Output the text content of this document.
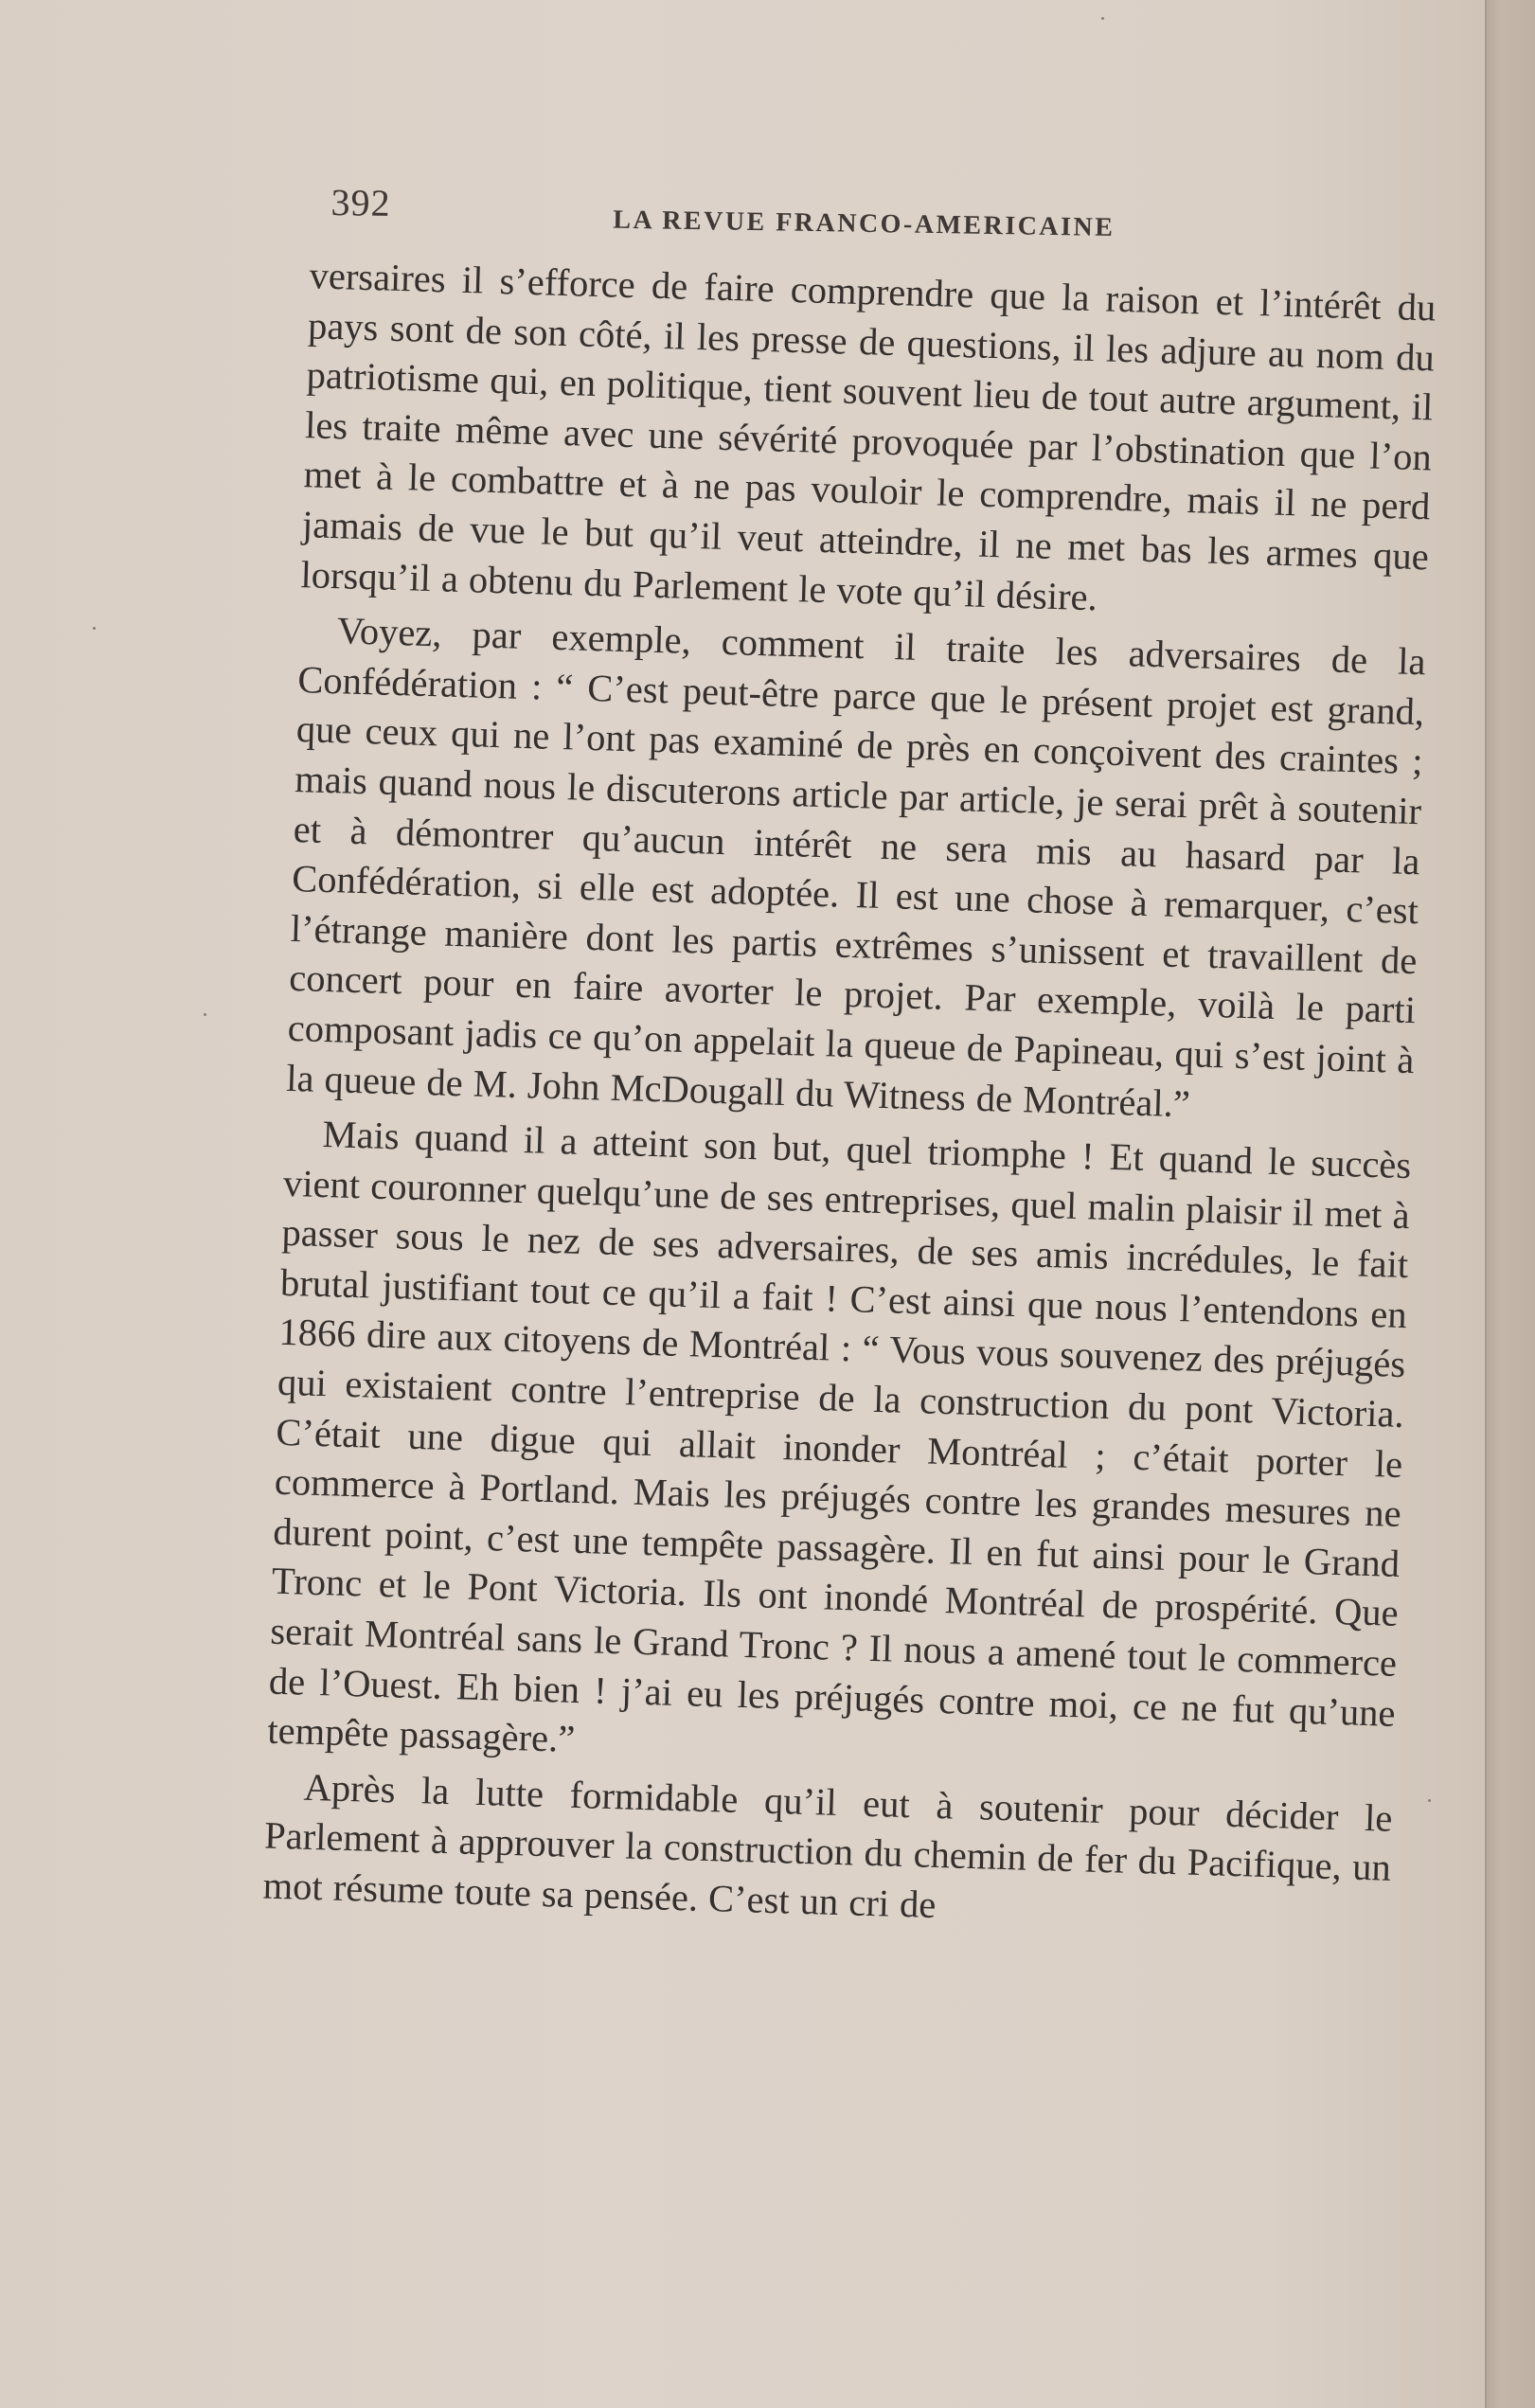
392	LA REVUE FRANCO-AMERICAINE

versaires il s’efforce de faire comprendre que la raison et l’intérêt du pays sont de son côté, il les presse de questions, il les adjure au nom du patriotisme qui, en politique, tient souvent lieu de tout autre argument, il les traite même avec une sévérité provoquée par l’obstination que l’on met à le combattre et à ne pas vouloir le comprendre, mais il ne perd jamais de vue le but qu’il veut atteindre, il ne met bas les armes que lorsqu’il a obtenu du Parlement le vote qu’il désire.

Voyez, par exemple, comment il traite les adversaires de la Confédération : “ C’est peut-être parce que le présent projet est grand, que ceux qui ne l’ont pas examiné de près en conçoivent des craintes ; mais quand nous le discuterons article par article, je serai prêt à soutenir et à démontrer qu’aucun intérêt ne sera mis au hasard par la Confédération, si elle est adoptée. Il est une chose à remarquer, c’est l’étrange manière dont les partis extrêmes s’unissent et travaillent de concert pour en faire avorter le projet. Par exemple, voilà le parti composant jadis ce qu’on appelait la queue de Papineau, qui s’est joint à la queue de M. John McDougall du Witness de Montréal.”

Mais quand il a atteint son but, quel triomphe ! Et quand le succès vient couronner quelqu’une de ses entreprises, quel malin plaisir il met à passer sous le nez de ses adversaires, de ses amis incrédules, le fait brutal justifiant tout ce qu’il a fait ! C’est ainsi que nous l’entendons en 1866 dire aux citoyens de Montréal : “ Vous vous souvenez des préjugés qui existaient contre l’entreprise de la construction du pont Victoria. C’était une digue qui allait inonder Montréal ; c’était porter le commerce à Portland. Mais les préjugés contre les grandes mesures ne durent point, c’est une tempête passagère. Il en fut ainsi pour le Grand Tronc et le Pont Victoria. Ils ont inondé Montréal de prospérité. Que serait Montréal sans le Grand Tronc ? Il nous a amené tout le commerce de l’Ouest. Eh bien ! j’ai eu les préjugés contre moi, ce ne fut qu’une tempête passagère.”

Après la lutte formidable qu’il eut à soutenir pour décider le Parlement à approuver la construction du chemin de fer du Pacifique, un mot résume toute sa pensée. C’est un cri de
